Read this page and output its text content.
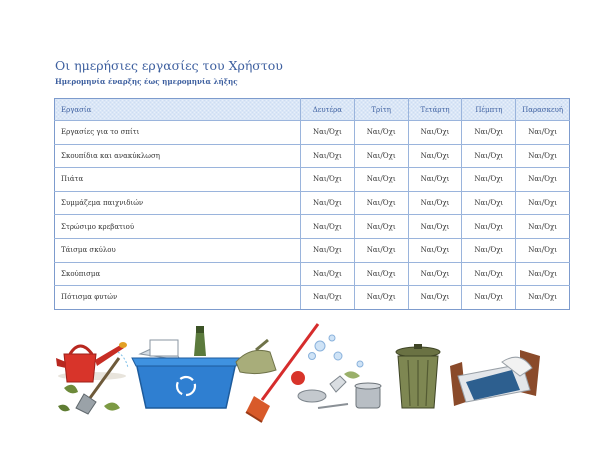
Οι ημερήσιες εργασίες του Χρήστου
Ημερομηνία έναρξης έως ημερομηνία λήξης
Εργασία	Δευτέρα	Τρίτη	Τετάρτη	Πέμπτη	Παρασκευή
Εργασίες για το σπίτι	Ναι/Όχι	Ναι/Όχι	Ναι/Όχι	Ναι/Όχι	Ναι/Όχι
Σκουπίδια και ανακύκλωση	Ναι/Όχι	Ναι/Όχι	Ναι/Όχι	Ναι/Όχι	Ναι/Όχι
Πιάτα	Ναι/Όχι	Ναι/Όχι	Ναι/Όχι	Ναι/Όχι	Ναι/Όχι
Συμμάζεμα παιχνιδιών	Ναι/Όχι	Ναι/Όχι	Ναι/Όχι	Ναι/Όχι	Ναι/Όχι
Στρώσιμο κρεβατιού	Ναι/Όχι	Ναι/Όχι	Ναι/Όχι	Ναι/Όχι	Ναι/Όχι
Τάισμα σκύλου	Ναι/Όχι	Ναι/Όχι	Ναι/Όχι	Ναι/Όχι	Ναι/Όχι
Σκούπισμα	Ναι/Όχι	Ναι/Όχι	Ναι/Όχι	Ναι/Όχι	Ναι/Όχι
Πότισμα φυτών	Ναι/Όχι	Ναι/Όχι	Ναι/Όχι	Ναι/Όχι	Ναι/Όχι
